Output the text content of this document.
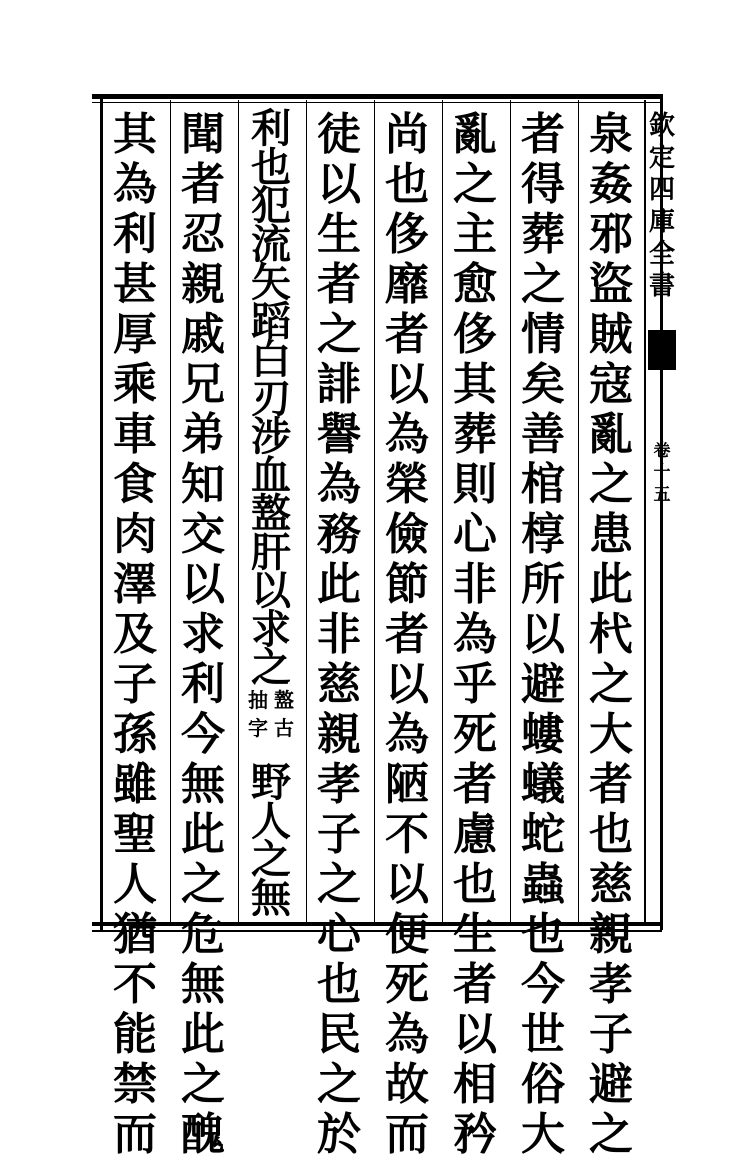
欽
定
四
庫
全
書
卷
十
五
泉
姦
邪
盜
賊
寇
亂
之
患
此
杙
之
大
者
也
慈
親
孝
子
避
之
者
得
葬
之
情
矣
善
棺
椁
所
以
避
螻
蟻
蛇
蟲
也
今
世
俗
大
亂
之
主
愈
侈
其
葬
則
心
非
為
乎
死
者
慮
也
生
者
以
相
矜
尚
也
侈
靡
者
以
為
榮
儉
節
者
以
為
陋
不
以
便
死
為
故
而
徒
以
生
者
之
誹
譽
為
務
此
非
慈
親
孝
子
之
心
也
民
之
於
利
也
犯
流
矢
蹈
白
刃
涉
血
盩
肝
以
求
之
盩
古
抽
字
野
人
之
無
聞
者
忍
親
戚
兄
弟
知
交
以
求
利
今
無
此
之
危
無
此
之
醜
其
為
利
甚
厚
乘
車
食
肉
澤
及
子
孫
雖
聖
人
猶
不
能
禁
而
